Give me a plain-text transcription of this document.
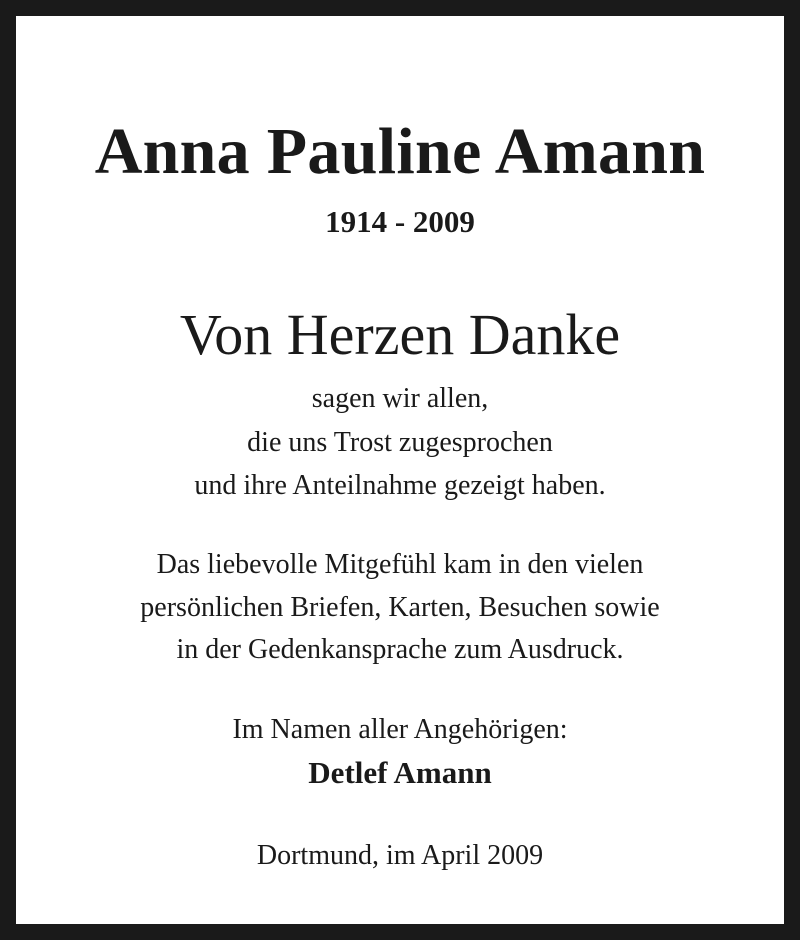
Anna Pauline Amann
1914 - 2009
Von Herzen Danke
sagen wir allen,
die uns Trost zugesprochen
und ihre Anteilnahme gezeigt haben.
Das liebevolle Mitgefühl kam in den vielen
persönlichen Briefen, Karten, Besuchen sowie
in der Gedenkansprache zum Ausdruck.
Im Namen aller Angehörigen:
Detlef Amann
Dortmund, im April 2009
